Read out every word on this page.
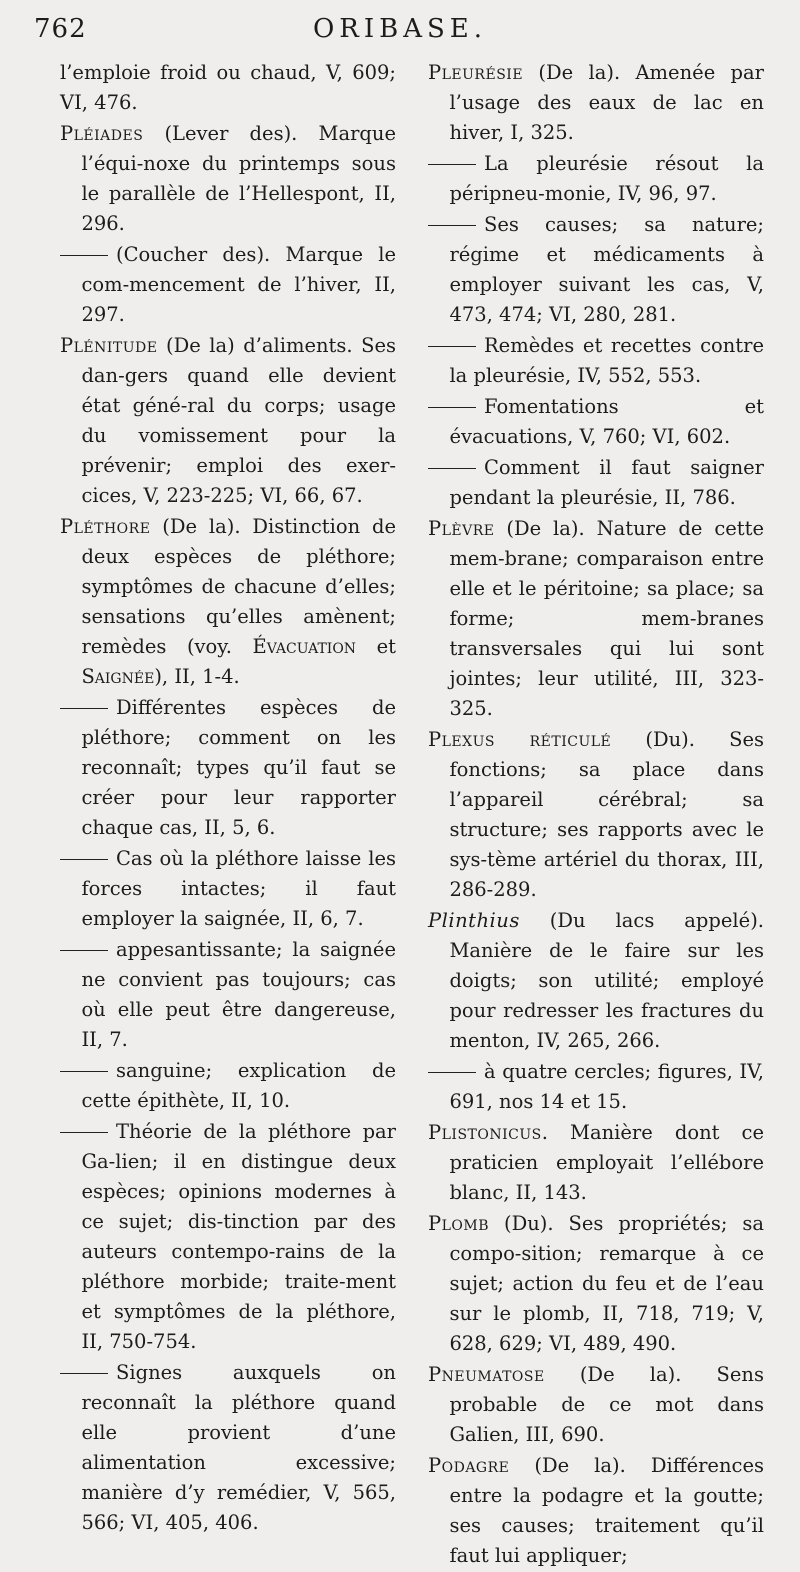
762	ORIBASE.

l’emploie froid ou chaud, V, 609; VI, 476.

Pléiades (Lever des). Marque l’équi-noxe du printemps sous le parallèle de l’Hellespont, II, 296.

(Coucher des). Marque le com-mencement de l’hiver, II, 297.

Plénitude (De la) d’aliments. Ses dan-gers quand elle devient état géné-ral du corps; usage du vomissement pour la prévenir; emploi des exer-cices, V, 223-225; VI, 66, 67.

Pléthore (De la). Distinction de deux espèces de pléthore; symptômes de chacune d’elles; sensations qu’elles amènent; remèdes (voy. Évacuation et Saignée), II, 1-4.

Différentes espèces de pléthore; comment on les reconnaît; types qu’il faut se créer pour leur rapporter chaque cas, II, 5, 6.

Cas où la pléthore laisse les forces intactes; il faut employer la saignée, II, 6, 7.

appesantissante; la saignée ne convient pas toujours; cas où elle peut être dangereuse, II, 7.

sanguine; explication de cette épithète, II, 10.

Théorie de la pléthore par Ga-lien; il en distingue deux espèces; opinions modernes à ce sujet; dis-tinction par des auteurs contempo-rains de la pléthore morbide; traite-ment et symptômes de la pléthore, II, 750-754.

Signes auxquels on reconnaît la pléthore quand elle provient d’une alimentation excessive; manière d’y remédier, V, 565, 566; VI, 405, 406.

Pleurésie (De la). Amenée par l’usage des eaux de lac en hiver, I, 325.

La pleurésie résout la péripneu-monie, IV, 96, 97.

Ses causes; sa nature; régime et médicaments à employer suivant les cas, V, 473, 474; VI, 280, 281.

Remèdes et recettes contre la pleurésie, IV, 552, 553.

Fomentations et évacuations, V, 760; VI, 602.

Comment il faut saigner pendant la pleurésie, II, 786.

Plèvre (De la). Nature de cette mem-brane; comparaison entre elle et le péritoine; sa place; sa forme; mem-branes transversales qui lui sont jointes; leur utilité, III, 323-325.

Plexus réticulé (Du). Ses fonctions; sa place dans l’appareil cérébral; sa structure; ses rapports avec le sys-tème artériel du thorax, III, 286-289.

Plinthius (Du lacs appelé). Manière de le faire sur les doigts; son utilité; employé pour redresser les fractures du menton, IV, 265, 266.

à quatre cercles; figures, IV, 691, nos 14 et 15.

Plistonicus. Manière dont ce praticien employait l’ellébore blanc, II, 143.

Plomb (Du). Ses propriétés; sa compo-sition; remarque à ce sujet; action du feu et de l’eau sur le plomb, II, 718, 719; V, 628, 629; VI, 489, 490.

Pneumatose (De la). Sens probable de ce mot dans Galien, III, 690.

Podagre (De la). Différences entre la podagre et la goutte; ses causes; traitement qu’il faut lui appliquer;
